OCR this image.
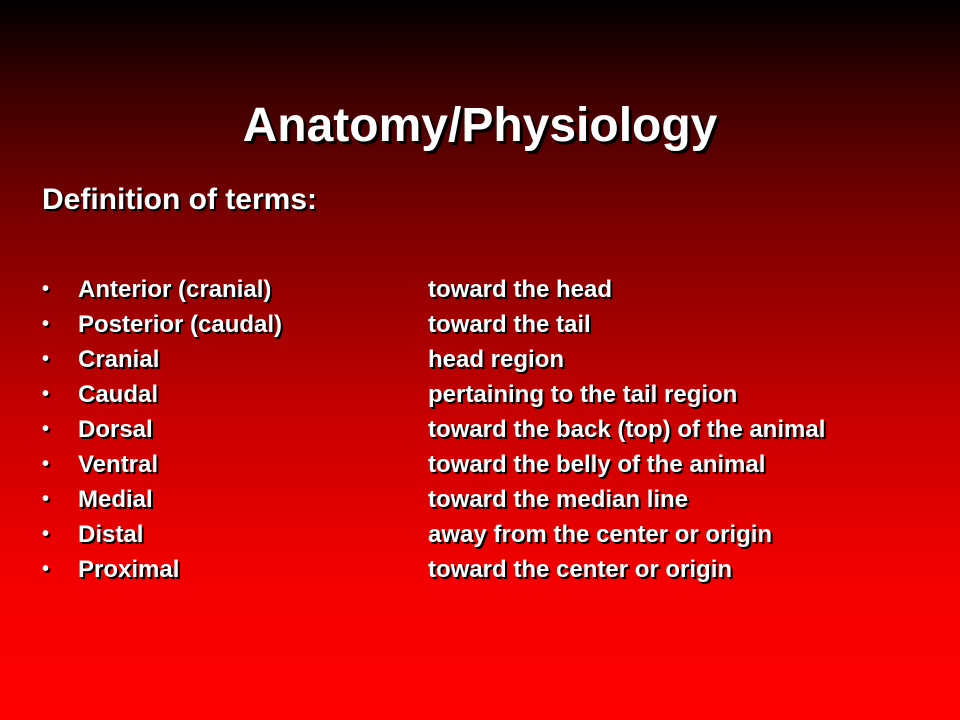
Anatomy/Physiology
Definition of terms:
• Anterior (cranial)	toward the head
• Posterior (caudal)	toward the tail
• Cranial	head region
• Caudal	pertaining to the tail region
• Dorsal	toward the back (top) of the animal
• Ventral	toward the belly of the animal
• Medial	toward the median line
• Distal	away from the center or origin
• Proximal	toward the center or origin
